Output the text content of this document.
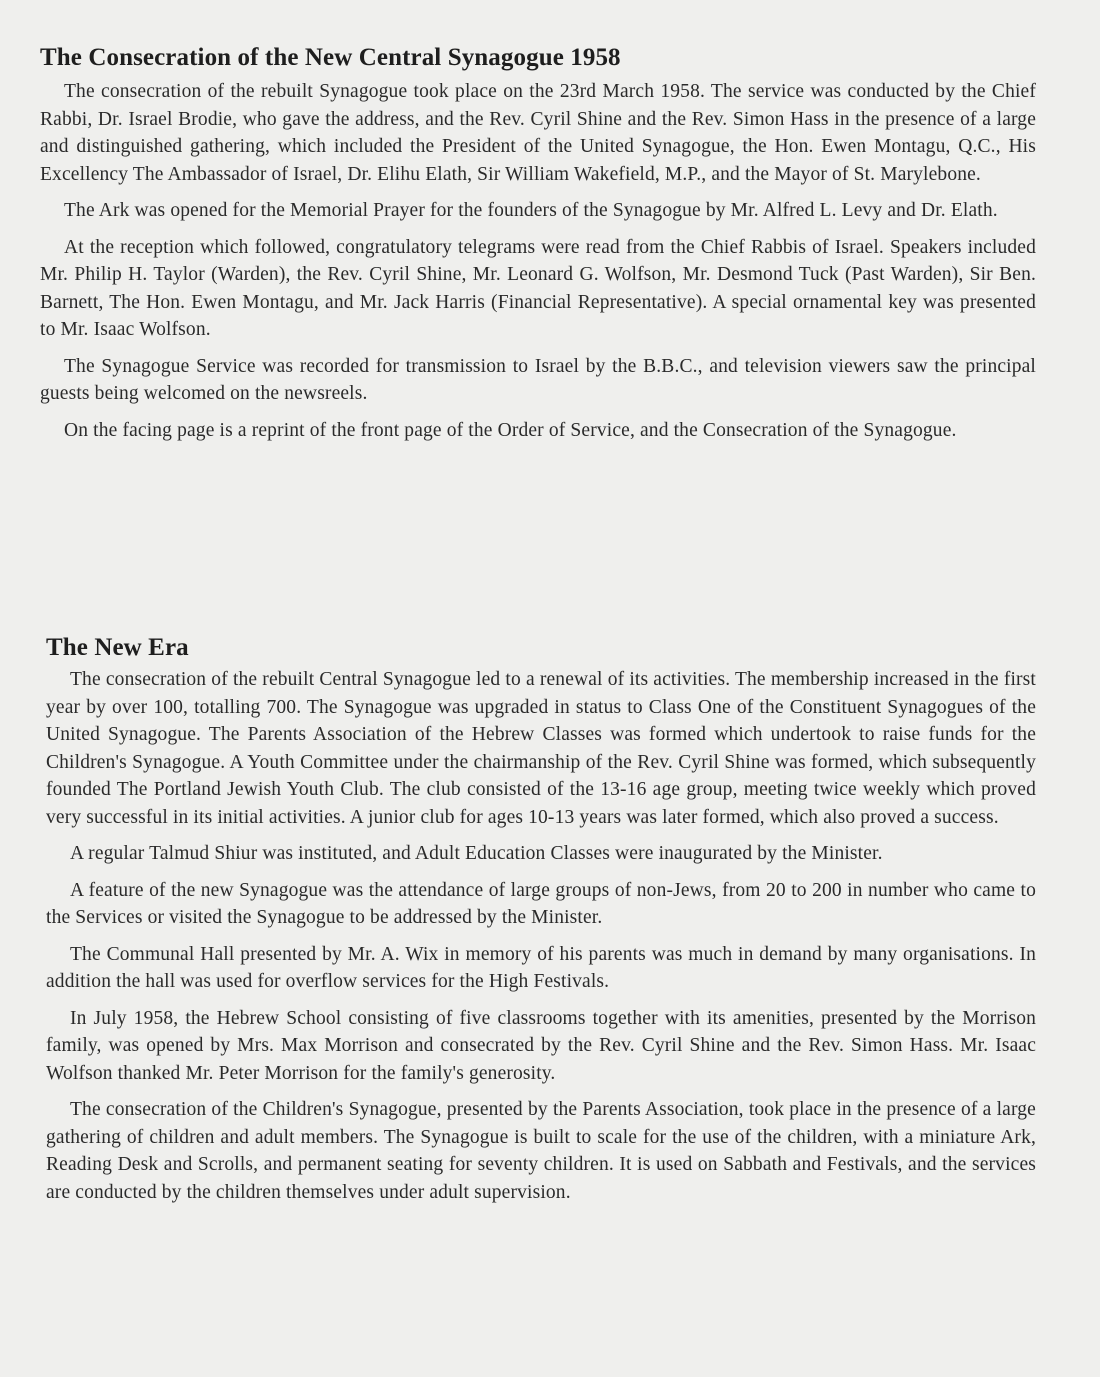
The Consecration of the New Central Synagogue 1958

The consecration of the rebuilt Synagogue took place on the 23rd March 1958. The service was conducted by the Chief Rabbi, Dr. Israel Brodie, who gave the address, and the Rev. Cyril Shine and the Rev. Simon Hass in the presence of a large and distinguished gathering, which included the President of the United Synagogue, the Hon. Ewen Montagu, Q.C., His Excellency The Ambassador of Israel, Dr. Elihu Elath, Sir William Wakefield, M.P., and the Mayor of St. Marylebone.

The Ark was opened for the Memorial Prayer for the founders of the Synagogue by Mr. Alfred L. Levy and Dr. Elath.

At the reception which followed, congratulatory telegrams were read from the Chief Rabbis of Israel. Speakers included Mr. Philip H. Taylor (Warden), the Rev. Cyril Shine, Mr. Leonard G. Wolfson, Mr. Desmond Tuck (Past Warden), Sir Ben. Barnett, The Hon. Ewen Montagu, and Mr. Jack Harris (Financial Representative). A special ornamental key was presented to Mr. Isaac Wolfson.

The Synagogue Service was recorded for transmission to Israel by the B.B.C., and television viewers saw the principal guests being welcomed on the newsreels.

On the facing page is a reprint of the front page of the Order of Service, and the Consecration of the Synagogue.

The New Era

The consecration of the rebuilt Central Synagogue led to a renewal of its activities. The membership increased in the first year by over 100, totalling 700. The Synagogue was upgraded in status to Class One of the Constituent Synagogues of the United Synagogue. The Parents Association of the Hebrew Classes was formed which undertook to raise funds for the Children's Synagogue. A Youth Committee under the chairmanship of the Rev. Cyril Shine was formed, which subsequently founded The Portland Jewish Youth Club. The club consisted of the 13-16 age group, meeting twice weekly which proved very successful in its initial activities. A junior club for ages 10-13 years was later formed, which also proved a success.

A regular Talmud Shiur was instituted, and Adult Education Classes were inaugurated by the Minister.

A feature of the new Synagogue was the attendance of large groups of non-Jews, from 20 to 200 in number who came to the Services or visited the Synagogue to be addressed by the Minister.

The Communal Hall presented by Mr. A. Wix in memory of his parents was much in demand by many organisations. In addition the hall was used for overflow services for the High Festivals.

In July 1958, the Hebrew School consisting of five classrooms together with its amenities, presented by the Morrison family, was opened by Mrs. Max Morrison and consecrated by the Rev. Cyril Shine and the Rev. Simon Hass. Mr. Isaac Wolfson thanked Mr. Peter Morrison for the family's generosity.

The consecration of the Children's Synagogue, presented by the Parents Association, took place in the presence of a large gathering of children and adult members. The Synagogue is built to scale for the use of the children, with a miniature Ark, Reading Desk and Scrolls, and permanent seating for seventy children. It is used on Sabbath and Festivals, and the services are conducted by the children themselves under adult supervision.
